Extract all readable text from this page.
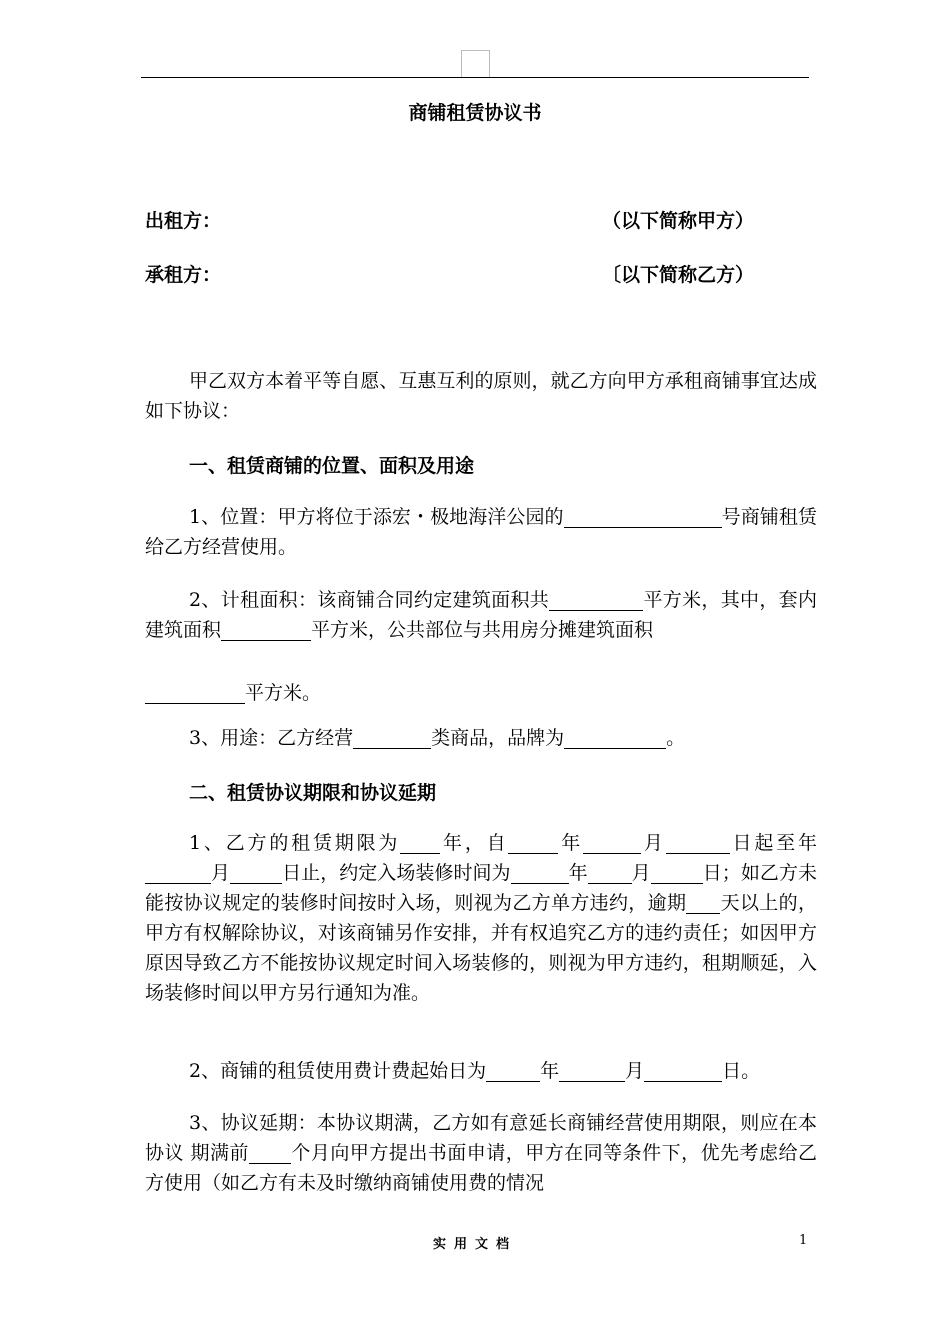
商铺租赁协议书
出租方：	（以下简称甲方）
承租方：	〔以下简称乙方）
甲乙双方本着平等自愿、互惠互利的原则，就乙方向甲方承租商铺事宜达成如下协议：
一、租赁商铺的位置、面积及用途
1、位置：甲方将位于添宏・极地海洋公园的	号商铺租赁给乙方经营使用。
2、计租面积：该商铺合同约定建筑面积共	平方米，其中，套内建筑面积	平方米，公共部位与共用房分摊建筑面积

平方米。
3、用途：乙方经营	类商品，品牌为	。
二、租赁协议期限和协议延期
1、乙方的租赁期限为 年，自	年	月	日起至年月	日止，约定入场装修时间为	年 月	日；如乙方未能按协议规定的装修时间按时入场，则视为乙方单方违约，逾期 天以上的，甲方有权解除协议，对该商铺另作安排，并有权追究乙方的违约责任；如因甲方原因导致乙方不能按协议规定时间入场装修的，则视为甲方违约，租期顺延，入场装修时间以甲方另行通知为准。
2、商铺的租赁使用费计费起始日为	年	月	日。
3、协议延期：本协议期满，乙方如有意延长商铺经营使用期限，则应在本协议 期满前 个月向甲方提出书面申请，甲方在同等条件下，优先考虑给乙方使用（如乙方有未及时缴纳商铺使用费的情况
实用文档	1
